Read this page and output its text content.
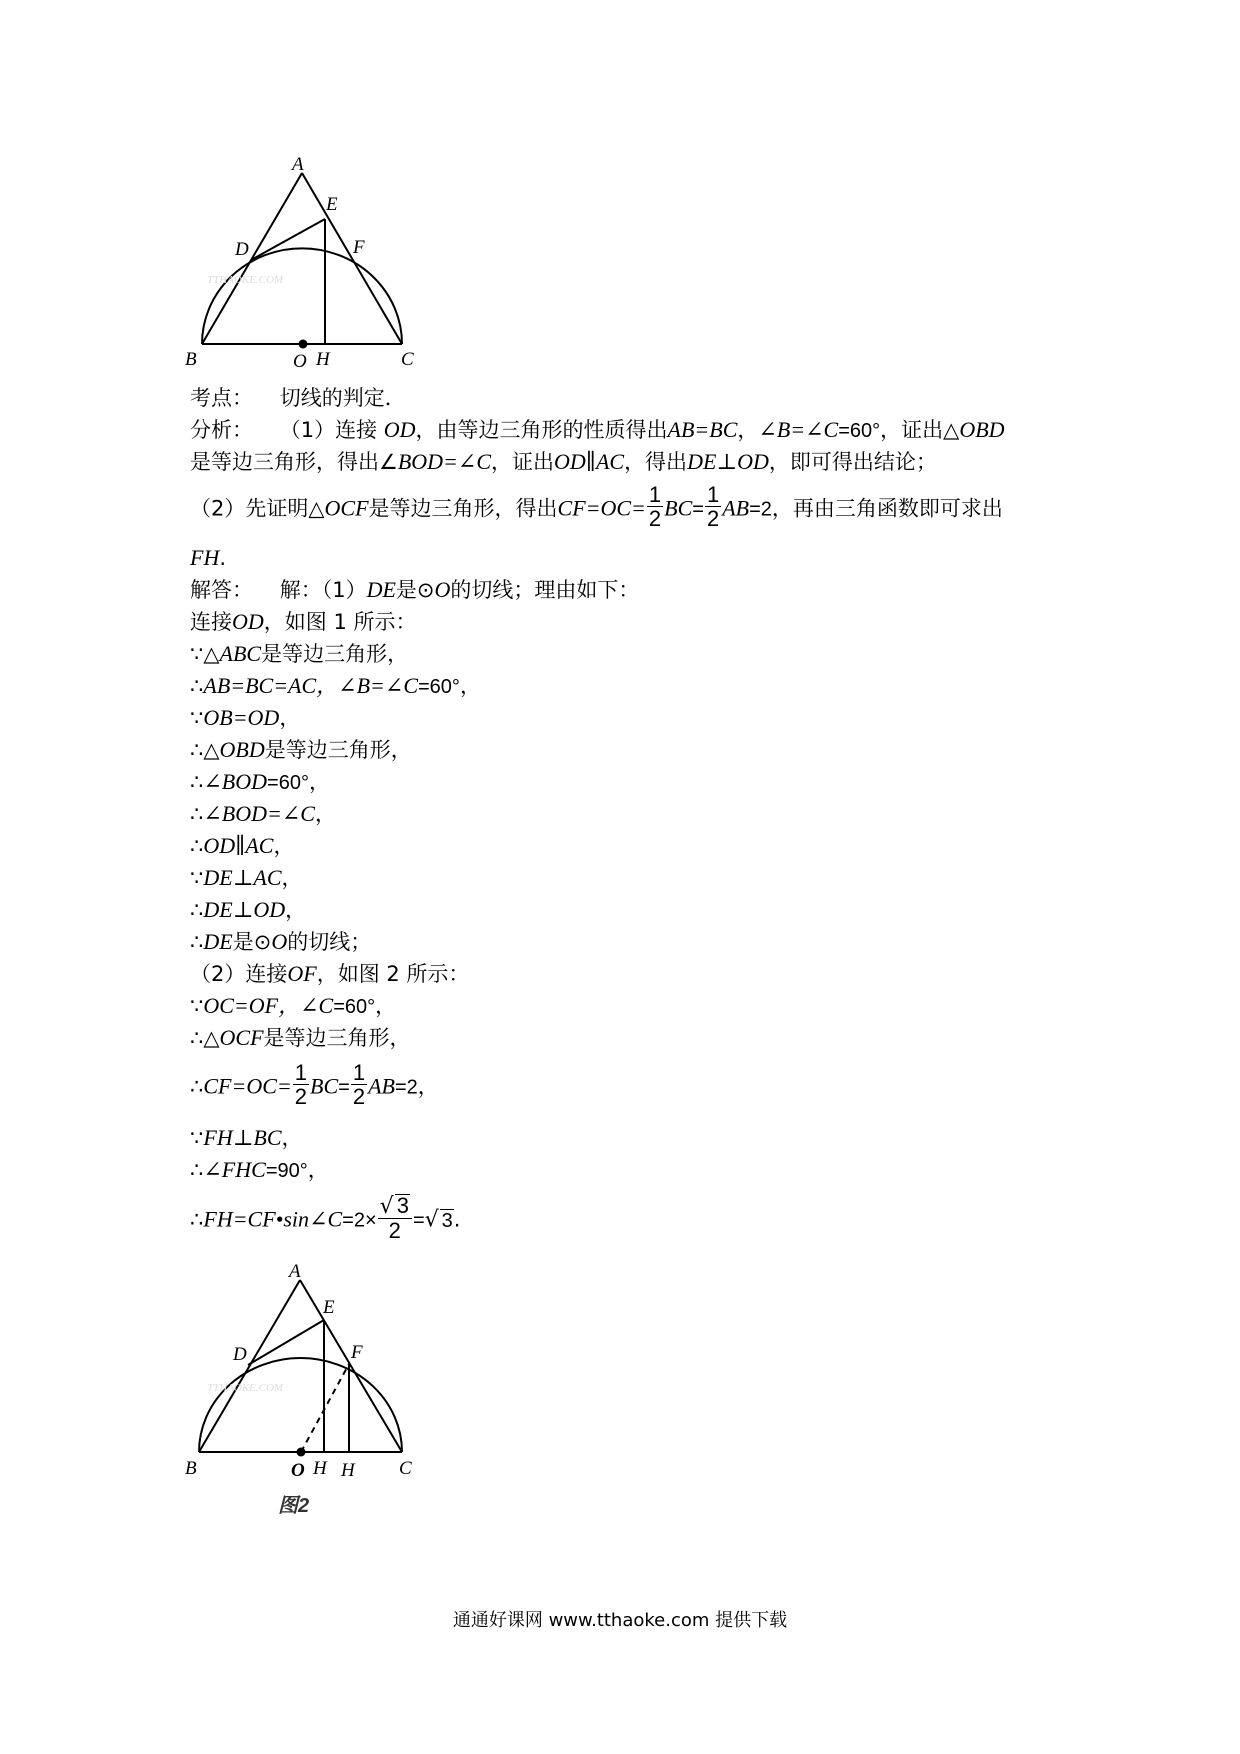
TTHAOKE.COM
A
E
D	F
B	O H	C
考点： 切线的判定．
分析： （1）连接 OD，由等边三角形的性质得出AB=BC，∠B=∠C=60°，证出△OBD
是等边三角形，得出∠BOD=∠C，证出OD∥AC，得出DE⊥OD，即可得出结论；
（2）先证明△OCF是等边三角形，得出$CF=OC= \frac{1}{2} BC= \frac{1}{2} AB=2$，再由三角函数即可求出
FH.
解答： 解：（1）DE是⊙O的切线；理由如下：
连接OD，如图 1 所示：
∵△ABC是等边三角形，
∴AB=BC=AC，∠B=∠C=60°，
∵OB=OD，
∴△OBD是等边三角形，
∴∠BOD=60°，
∴∠BOD=∠C，
∴OD∥AC，
∵DE⊥AC，
∴DE⊥OD，
∴DE是⊙O的切线；
（2）连接OF，如图 2 所示：
∵OC=OF，∠C=60°，
∴△OCF是等边三角形，
∴CF=OC= $\frac{1}{2} BC= \frac{1}{2} AB=2$，
∵FH⊥BC，
∴∠FHC=90°，
∴FH=CF•sin∠C=2× $\frac{√ 3}{2}$ =√ 3.
TTHAOKE.COM
A
E
D	F
B	O H H C
图2
通通好课网 www.tthaoke.com 提供下载
